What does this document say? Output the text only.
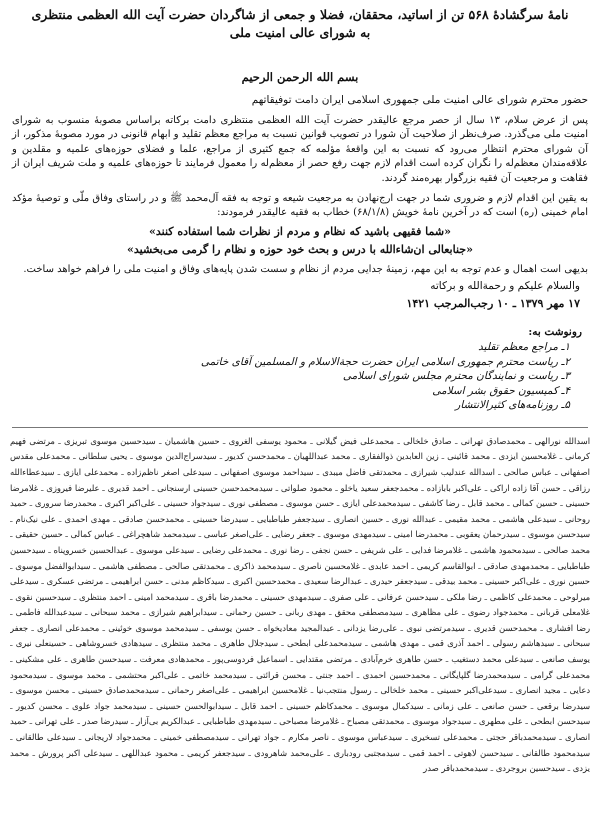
نامۀ سرگشادۀ ۵۶۸ تن از اساتید، محققان، فضلا و جمعی از شاگردان حضرت آیت الله العظمی منتظری
به شورای عالی امنیت ملی
بسم الله الرحمن الرحیم
حضور محترم شورای عالی امنیت ملی جمهوری اسلامی ایران دامت توفیقاتهم
پس از عرض سلام، ۱۳ سال از حصر مرجع عالیقدر حضرت آیت الله العظمی منتظری دامت برکاته براساس مصوبۀ منسوب به شورای امنیت ملی می‌گذرد. صرف‌نظر از صلاحیت آن شورا در تصویب قوانین نسبت به مراجع معظم تقلید و ابهام قانونی در مورد مصوبۀ مذکور، از آن شورای محترم انتظار می‌رود که نسبت به این واقعۀ مؤلمه که جمع کثیری از مراجع، علما و فضلای حوزه‌های علمیه و مقلدین و علاقه‌مندان معظم‌له را نگران کرده است اقدام لازم جهت رفع حصر از معظم‌له را معمول فرمایند تا حوزه‌های علمیه و ملت شریف ایران از فقاهت و مرجعیت آن فقیه بزرگوار بهره‌مند گردند.
به یقین این اقدام لازم و ضروری شما در جهت ارج‌نهادن به مرجعیت شیعه و توجه به فقه آل‌محمد ﷺ و در راستای وفاق ملّی و توصیۀ مؤکد امام خمینی (ره) است که در آخرین نامۀ خویش (۶۸/۱/۸) خطاب به فقیه عالیقدر فرمودند:
«شما فقیهی باشید که نظام و مردم از نظرات شما استفاده کنند»
«جنابعالی ان‌شاءالله با درس و بحث خود حوزه و نظام را گرمی می‌بخشید»
بدیهی است اهمال و عدم توجه به این مهم، زمینۀ جدایی مردم از نظام و سست شدن پایه‌های وفاق و امنیت ملی را فراهم خواهد ساخت.
والسلام علیکم و رحمة‌الله و برکاته
۱۷ مهر ۱۳۷۹ ـ ۱۰ رجب‌المرجب ۱۴۲۱
رونوشت به:
۱ـ مراجع معظم تقلید
۲ـ ریاست محترم جمهوری اسلامی ایران حضرت حجة‌الاسلام و المسلمین آقای خاتمی
۳ـ ریاست و نمایندگان محترم مجلس شورای اسلامی
۴ـ کمیسیون حقوق بشر اسلامی
۵ـ روزنامه‌های کثیرالانتشار
اسدالله نورالهی ـ محمدصادق تهرانی ـ صادق خلخالی ـ محمدعلی فیض گیلانی ـ محمود یوسفی الغروی ـ حسین هاشمیان ـ سیدحسین موسوی تبریزی ـ مرتضی فهیم کرمانی ـ غلامحسین ایزدی ـ محمد قائینی ـ زین العابدین ذوالفقاری ـ محمد عبداللهیان ـ محمدحسن کدیور ـ سیدسراج‌الدین موسوی ـ یحیی سلطانی ـ محمدعلی مقدس اصفهانی ـ عباس صالحی ـ اسدالله عندلیب شیرازی ـ محمدتقی فاضل میبدی ـ سیداحمد موسوی اصفهانی ـ سیدعلی اصغر ناظم‌زاده ـ محمدعلی ایازی ـ سیدعطاءالله رزاقی ـ حسن آقا زاده اراکی ـ علی‌اکبر بابازاده ـ محمدجعفر سعید یاخلو ـ محمود صلواتی ـ سیدمحمدحسن حسینی ارسنجانی ـ احمد قدیری ـ علیرضا فیروزی ـ غلامرضا حسینی ـ حسین کمالی ـ محمد قابل ـ رضا کاشفی ـ سیدمحمدعلی ایازی ـ حسن موسوی ـ مصطفی نوری ـ سیدجواد حسینی ـ علی‌اکبر اکبری ـ محمدرضا سروری ـ حمید روحانی ـ سیدعلی هاشمی ـ محمد مقیمی ـ عبدالله نوری ـ حسین انصاری ـ سیدجعفر طباطبایی ـ سیدرضا حسینی ـ محمدحسن صادقی ـ مهدی احمدی ـ علی نیک‌نام ـ سیدحسن موسوی ـ سیدرحمان یعقوبی ـ محمدرضا امینی ـ سیدمهدی موسوی ـ جعفر رضایی ـ علی‌اصغر عباسی ـ سیدمحمد شاهچراغی ـ عباس کمالی ـ حسین حقیقی ـ محمد صالحی ـ سیدمحمود هاشمی ـ غلامرضا فدایی ـ علی شریفی ـ حسن نجفی ـ رضا نوری ـ محمدعلی رضایی ـ سیدعلی موسوی ـ عبدالحسین خسروپناه ـ سیدحسین طباطبایی ـ محمدمهدی صادقی ـ ابوالقاسم کریمی ـ احمد عابدی ـ غلامحسین ناصری ـ سیدمحمد ذاکری ـ محمدتقی صالحی ـ مصطفی هاشمی ـ سیدابوالفضل موسوی ـ حسین نوری ـ علی‌اکبر حسینی ـ محمد بیدقی ـ سیدجعفر حیدری ـ عبدالرضا سعیدی ـ محمدحسین اکبری ـ سیدکاظم مدنی ـ حسن ابراهیمی ـ مرتضی عسکری ـ سیدعلی میرلوحی ـ محمدعلی کاظمی ـ رضا ملکی ـ سیدحسن عرفانی ـ علی صفری ـ سیدمهدی حسینی ـ محمدرضا باقری ـ سیدمحمد امینی ـ احمد منتظری ـ سیدحسین نقوی ـ غلامعلی قربانی ـ محمدجواد رضوی ـ علی مظاهری ـ سیدمصطفی محقق ـ مهدی ربانی ـ حسین رحمانی ـ سیدابراهیم شیرازی ـ محمد سبحانی ـ سیدعبدالله فاطمی ـ رضا افشاری ـ محمدحسن قدیری ـ سیدمرتضی نبوی ـ علی‌رضا یزدانی ـ عبدالمجید معادیخواه ـ حسن یوسفی ـ سیدمحمد موسوی خوئینی ـ محمدعلی انصاری ـ جعفر سبحانی ـ سیدهاشم رسولی ـ احمد آذری قمی ـ مهدی هاشمی ـ سیدمحمدعلی ابطحی ـ سیدجلال طاهری ـ محمد منتظری ـ سیدهادی خسروشاهی ـ حسینعلی نیری ـ یوسف صانعی ـ سیدعلی محمد دستغیب ـ حسن طاهری خرم‌آبادی ـ مرتضی مقتدایی ـ اسماعیل فردوسی‌پور ـ محمدهادی معرفت ـ سیدحسن طاهری ـ علی مشکینی ـ محمدعلی گرامی ـ سیدمحمدرضا گلپایگانی ـ محمدحسین احمدی ـ احمد جنتی ـ محسن قرائتی ـ سیدمحمد خاتمی ـ علی‌اکبر محتشمی ـ محمد موسوی ـ سیدمحمود دعایی ـ مجید انصاری ـ سیدعلی‌اکبر حسینی ـ محمد خلخالی ـ رسول منتجب‌نیا ـ غلامحسین ابراهیمی ـ علی‌اصغر رحمانی ـ سیدمحمدصادق حسینی ـ محسن موسوی ـ سیدرضا برقعی ـ حسن صانعی ـ علی زمانی ـ سیدکمال موسوی ـ محمدکاظم حسینی ـ احمد قابل ـ سیدابوالحسن حسینی ـ سیدمحمد جواد علوی ـ محسن کدیور ـ سیدحسن ابطحی ـ علی مطهری ـ سیدجواد موسوی ـ محمدتقی مصباح ـ غلامرضا مصباحی ـ سیدمهدی طباطبایی ـ عبدالکریم بی‌آزار ـ سیدرضا صدر ـ علی تهرانی ـ حمید انصاری ـ سیدمحمدباقر حجتی ـ محمدعلی تسخیری ـ سیدعباس موسوی ـ ناصر مکارم ـ جواد تهرانی ـ سیدمصطفی خمینی ـ محمدجواد لاریجانی ـ سیدعلی طالقانی ـ سیدمحمود طالقانی ـ سیدحسن لاهوتی ـ احمد قمی ـ سیدمجتبی رودباری ـ علی‌محمد شاهرودی ـ سیدجعفر کریمی ـ محمود عبداللهی ـ سیدعلی اکبر پرورش ـ محمد یزدی ـ سیدحسین بروجردی ـ سیدمحمدباقر صدر
